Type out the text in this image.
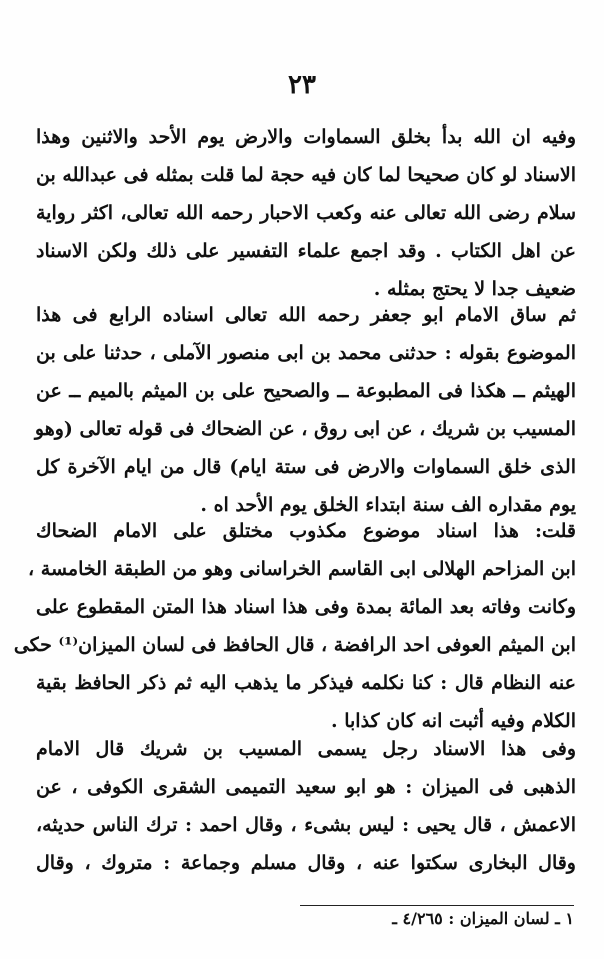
٢٣
وفيه ان الله بدأ بخلق السماوات والارض يوم الأحد والاثنين وهذا
الاسناد لو كان صحيحا لما كان فيه حجة لما قلت بمثله فى عبدالله بن
سلام رضى الله تعالى عنه وكعب الاحبار رحمه الله تعالى، اكثر رواية
عن اهل الكتاب . وقد اجمع علماء التفسير على ذلك ولكن الاسناد
ضعيف جدا لا يحتج بمثله .
ثم ساق الامام ابو جعفر رحمه الله تعالى اسناده الرابع فى هذا
الموضوع بقوله : حدثنى محمد بن ابى منصور الآملى ، حدثنا على بن
الهيثم ــ هكذا فى المطبوعة ــ والصحيح على بن الميثم بالميم ــ عن
المسيب بن شريك ، عن ابى روق ، عن الضحاك فى قوله تعالى (وهو
الذى خلق السماوات والارض فى ستة ايام) قال من ايام الآخرة كل
يوم مقداره الف سنة ابتداء الخلق يوم الأحد اه .
قلت: هذا اسناد موضوع مكذوب مختلق على الامام الضحاك
ابن المزاحم الهلالى ابى القاسم الخراسانى وهو من الطبقة الخامسة ،
وكانت وفاته بعد المائة بمدة وفى هذا اسناد هذا المتن المقطوع على
ابن الميثم العوفى احد الرافضة ، قال الحافظ فى لسان الميزان⁽¹⁾ حكى
عنه النظام قال : كنا نكلمه فيذكر ما يذهب اليه ثم ذكر الحافظ بقية
الكلام وفيه أثبت انه كان كذابا .
وفى هذا الاسناد رجل يسمى المسيب بن شريك قال الامام
الذهبى فى الميزان : هو ابو سعيد التميمى الشقرى الكوفى ، عن
الاعمش ، قال يحيى : ليس بشىء ، وقال احمد : ترك الناس حديثه،
وقال البخارى سكتوا عنه ، وقال مسلم وجماعة : متروك ، وقال
١ ـ لسان الميزان : ٤/٢٦٥ ـ
